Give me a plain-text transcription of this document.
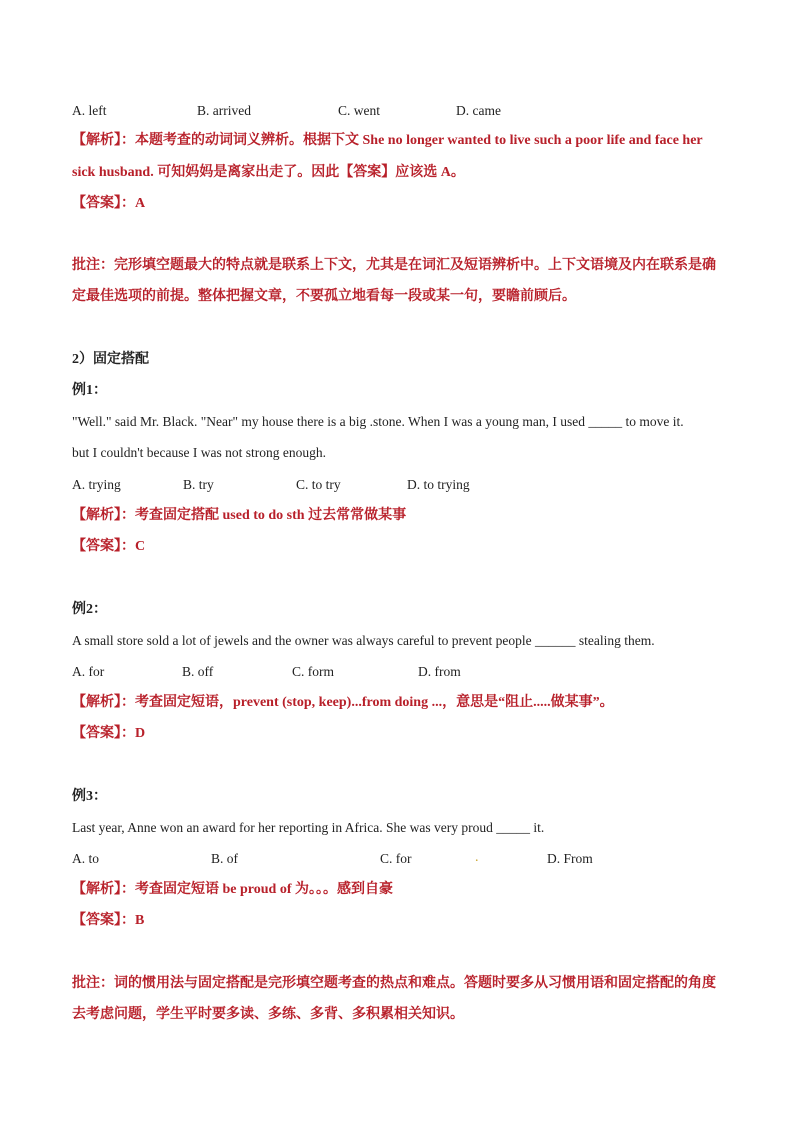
A. left	B. arrived	C. went	D. came
【解析】：本题考查的动词词义辨析。根据下文 She no longer wanted to live such a poor life and face her
sick husband. 可知妈妈是离家出走了。因此【答案】应该选 A。
【答案】：A
批注：完形填空题最大的特点就是联系上下文，尤其是在词汇及短语辨析中。上下文语境及内在联系是确
定最佳选项的前提。整体把握文章，不要孤立地看每一段或某一句，要瞻前顾后。
2）固定搭配
例1：
"Well." said Mr. Black. "Near" my house there is a big .stone. When I was a young man, I used _____ to move it.
but I couldn't because I was not strong enough.
A. trying	B. try	C. to try	D. to trying
【解析】：考查固定搭配 used to do sth 过去常常做某事
【答案】：C
例2：
A small store sold a lot of jewels and the owner was always careful to prevent people ______ stealing them.
A. for	B. off	C. form	D. from
【解析】：考查固定短语，prevent (stop, keep)...from doing ...，意思是“阻止.....做某事”。
【答案】：D
例3：
Last year, Anne won an award for her reporting in Africa. She was very proud _____ it.
A. to	B. of	C. for	.	D. From
【解析】：考查固定短语 be proud of 为。。。感到自豪
【答案】：B
批注：词的惯用法与固定搭配是完形填空题考查的热点和难点。答题时要多从习惯用语和固定搭配的角度
去考虑问题，学生平时要多读、多练、多背、多积累相关知识。
